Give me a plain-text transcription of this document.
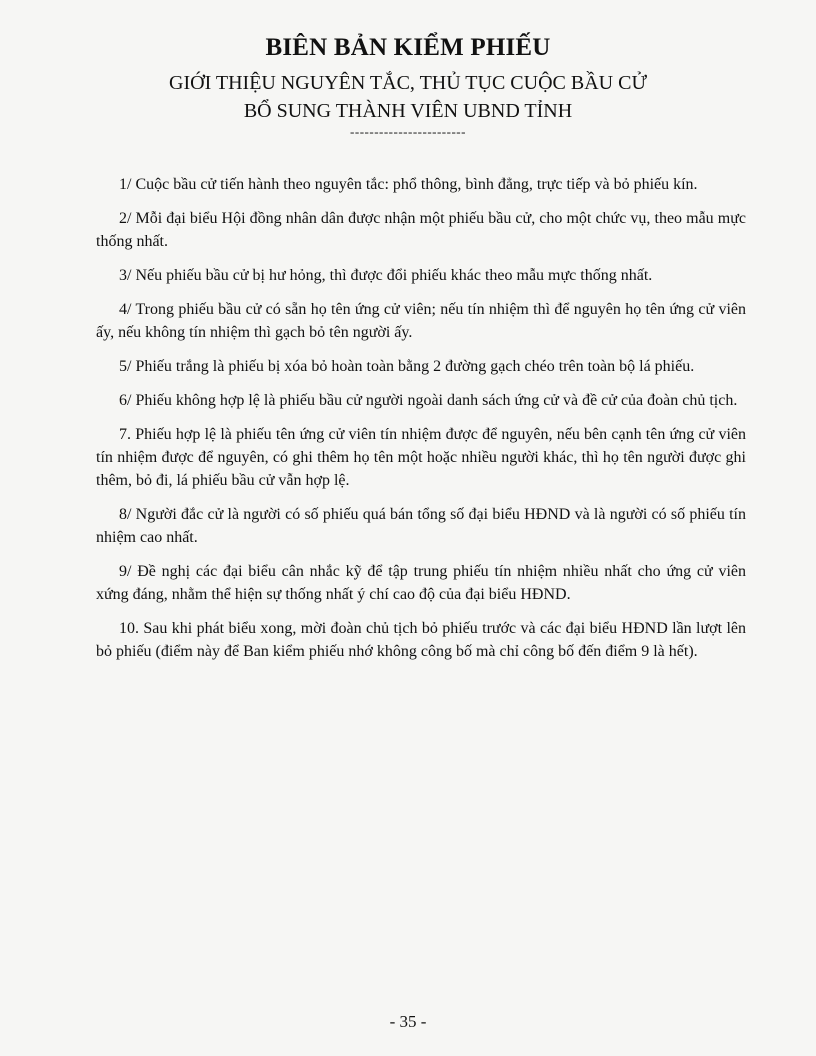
BIÊN BẢN KIỂM PHIẾU
GIỚI THIỆU NGUYÊN TẮC, THỦ TỤC CUỘC BẦU CỬ
BỔ SUNG THÀNH VIÊN UBND TỈNH
------------------------

1/ Cuộc bầu cử tiến hành theo nguyên tắc: phổ thông, bình đẳng, trực tiếp và bỏ phiếu kín.

2/ Mỗi đại biểu Hội đồng nhân dân được nhận một phiếu bầu cử, cho một chức vụ, theo mẫu mực thống nhất.

3/ Nếu phiếu bầu cử bị hư hỏng, thì được đổi phiếu khác theo mẫu mực thống nhất.

4/ Trong phiếu bầu cử có sẵn họ tên ứng cử viên; nếu tín nhiệm thì để nguyên họ tên ứng cử viên ấy, nếu không tín nhiệm thì gạch bỏ tên người ấy.

5/ Phiếu trắng là phiếu bị xóa bỏ hoàn toàn bằng 2 đường gạch chéo trên toàn bộ lá phiếu.

6/ Phiếu không hợp lệ là phiếu bầu cử người ngoài danh sách ứng cử và đề cử của đoàn chủ tịch.

7. Phiếu hợp lệ là phiếu tên ứng cử viên tín nhiệm được để nguyên, nếu bên cạnh tên ứng cử viên tín nhiệm được để nguyên, có ghi thêm họ tên một hoặc nhiều người khác, thì họ tên người được ghi thêm, bỏ đi, lá phiếu bầu cử vẫn hợp lệ.

8/ Người đắc cử là người có số phiếu quá bán tổng số đại biểu HĐND và là người có số phiếu tín nhiệm cao nhất.

9/ Đề nghị các đại biểu cân nhắc kỹ để tập trung phiếu tín nhiệm nhiều nhất cho ứng cử viên xứng đáng, nhằm thể hiện sự thống nhất ý chí cao độ của đại biểu HĐND.

10. Sau khi phát biểu xong, mời đoàn chủ tịch bỏ phiếu trước và các đại biểu HĐND lần lượt lên bỏ phiếu (điểm này để Ban kiểm phiếu nhớ không công bố mà chỉ công bố đến điểm 9 là hết).

- 35 -
